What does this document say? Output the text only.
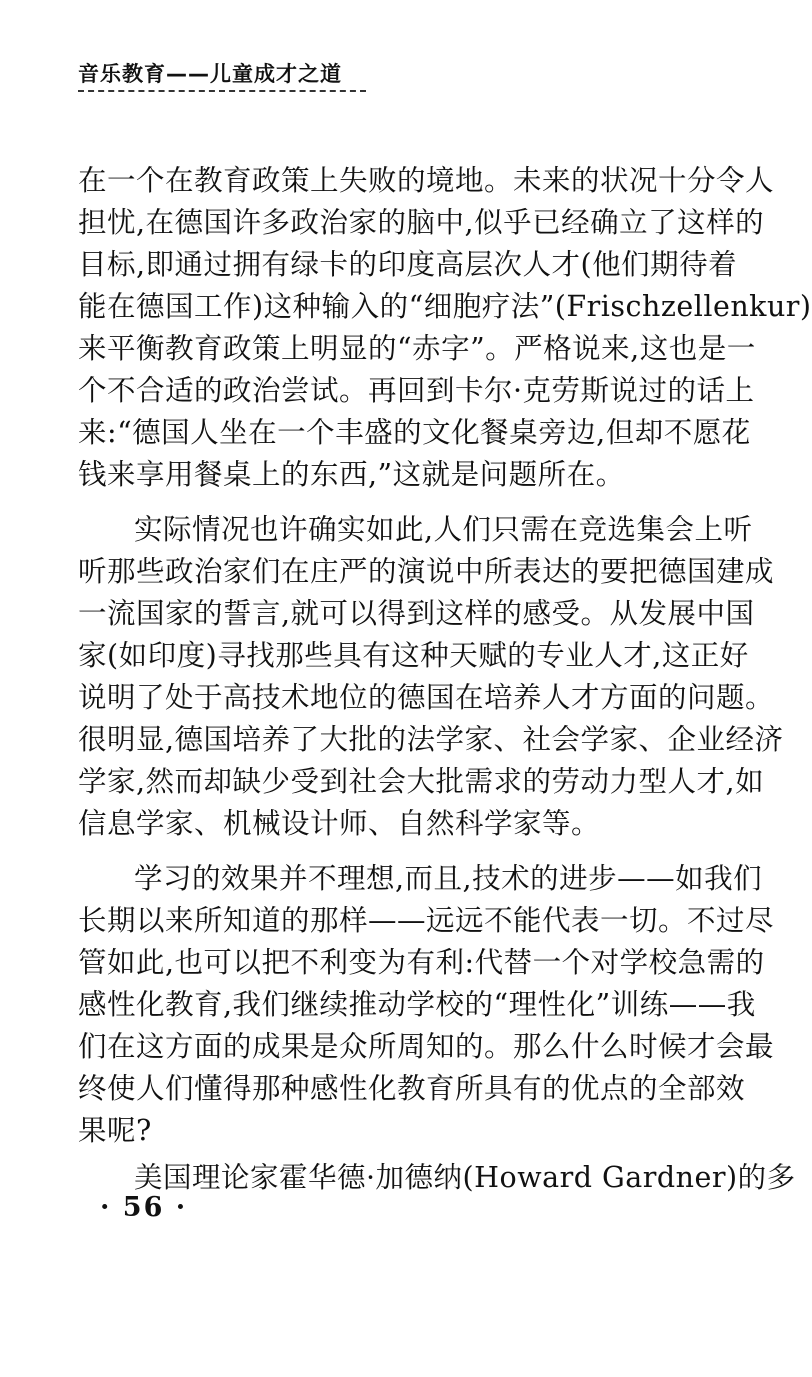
音乐教育——儿童成才之道
在一个在教育政策上失败的境地。未来的状况十分令人
担忧,在德国许多政治家的脑中,似乎已经确立了这样的
目标,即通过拥有绿卡的印度高层次人才(他们期待着
能在德国工作)这种输入的“细胞疗法”(Frischzellenkur)
来平衡教育政策上明显的“赤字”。严格说来,这也是一
个不合适的政治尝试。再回到卡尔·克劳斯说过的话上
来:“德国人坐在一个丰盛的文化餐桌旁边,但却不愿花
钱来享用餐桌上的东西,”这就是问题所在。
实际情况也许确实如此,人们只需在竞选集会上听
听那些政治家们在庄严的演说中所表达的要把德国建成
一流国家的誓言,就可以得到这样的感受。从发展中国
家(如印度)寻找那些具有这种天赋的专业人才,这正好
说明了处于高技术地位的德国在培养人才方面的问题。
很明显,德国培养了大批的法学家、社会学家、企业经济
学家,然而却缺少受到社会大批需求的劳动力型人才,如
信息学家、机械设计师、自然科学家等。
学习的效果并不理想,而且,技术的进步——如我们
长期以来所知道的那样——远远不能代表一切。不过尽
管如此,也可以把不利变为有利:代替一个对学校急需的
感性化教育,我们继续推动学校的“理性化”训练——我
们在这方面的成果是众所周知的。那么什么时候才会最
终使人们懂得那种感性化教育所具有的优点的全部效
果呢?
美国理论家霍华德·加德纳(Howard Gardner)的多
· 56 ·
